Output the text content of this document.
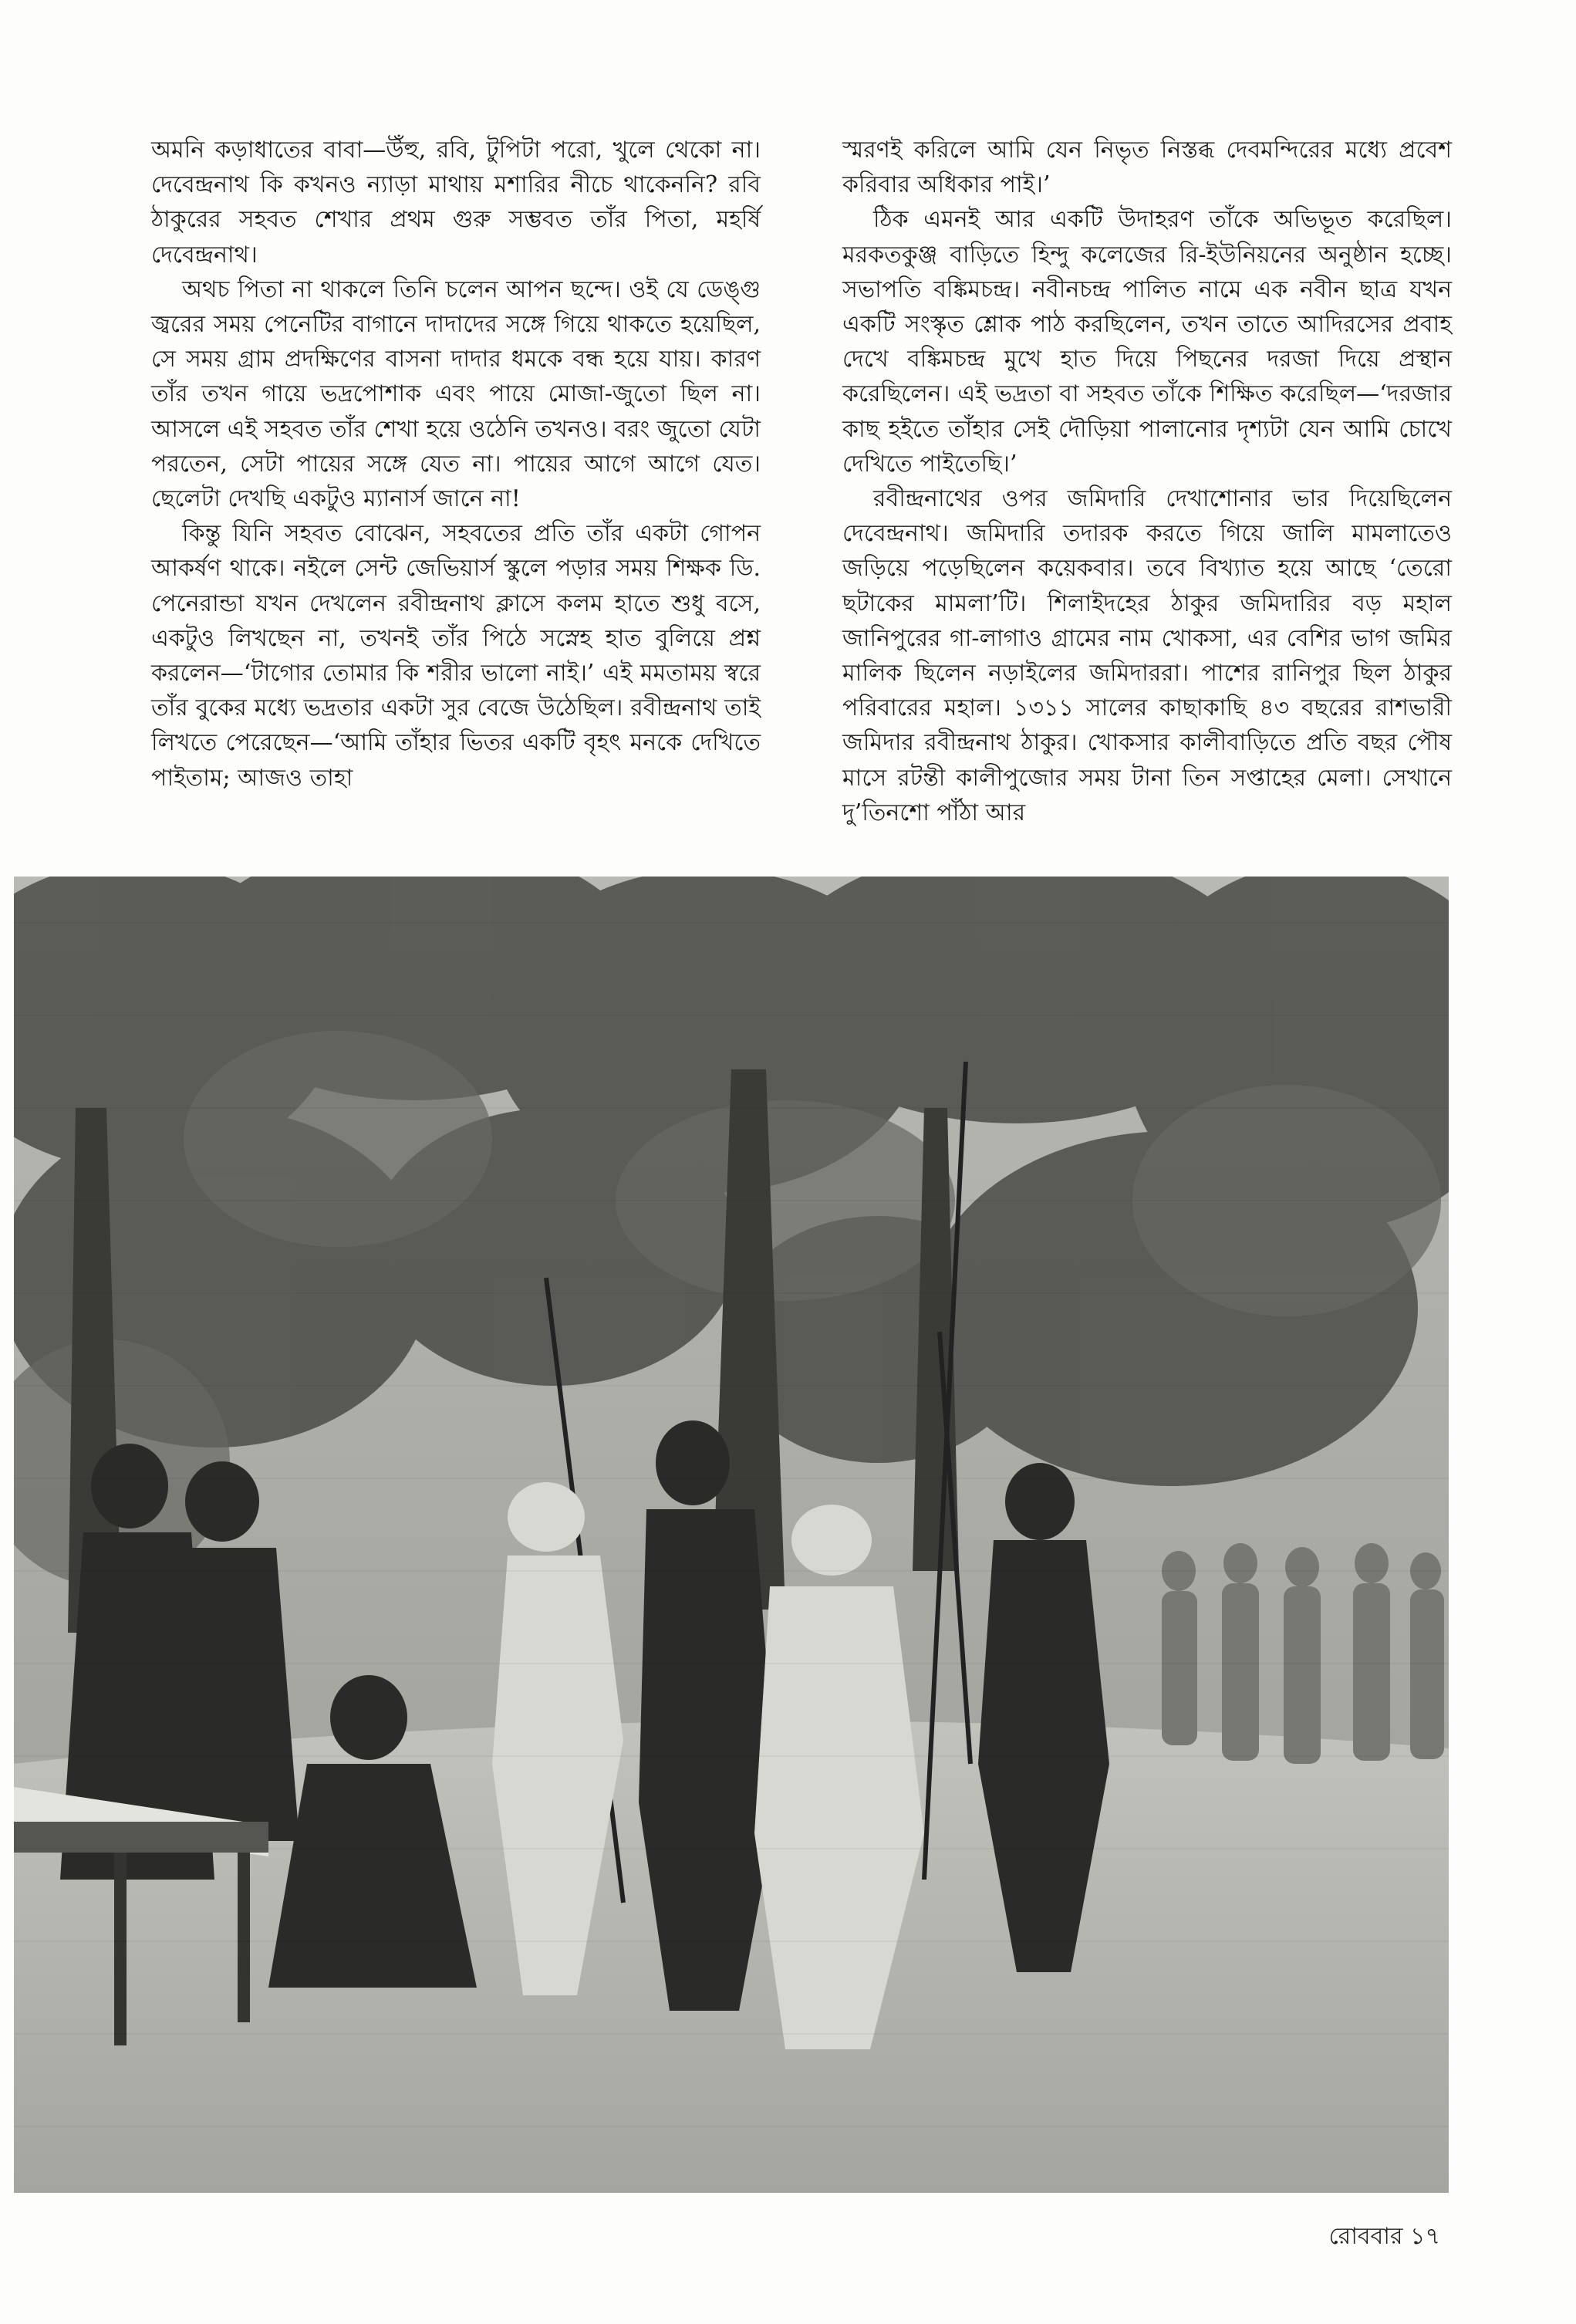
অমনি কড়াধাতের বাবা—উঁহু, রবি, টুপিটা পরো, খুলে থেকো না। দেবেন্দ্রনাথ কি কখনও ন্যাড়া মাথায় মশারির নীচে থাকেননি? রবি ঠাকুরের সহবত শেখার প্রথম গুরু সম্ভবত তাঁর পিতা, মহর্ষি দেবেন্দ্রনাথ।

অথচ পিতা না থাকলে তিনি চলেন আপন ছন্দে। ওই যে ডেঙ্গু জ্বরের সময় পেনেটির বাগানে দাদাদের সঙ্গে গিয়ে থাকতে হয়েছিল, সে সময় গ্রাম প্রদক্ষিণের বাসনা দাদার ধমকে বন্ধ হয়ে যায়। কারণ তাঁর তখন গায়ে ভদ্রপোশাক এবং পায়ে মোজা-জুতো ছিল না। আসলে এই সহবত তাঁর শেখা হয়ে ওঠেনি তখনও। বরং জুতো যেটা পরতেন, সেটা পায়ের সঙ্গে যেত না। পায়ের আগে আগে যেত। ছেলেটা দেখছি একটুও ম্যানার্স জানে না!

কিন্তু যিনি সহবত বোঝেন, সহবতের প্রতি তাঁর একটা গোপন আকর্ষণ থাকে। নইলে সেন্ট জেভিয়ার্স স্কুলে পড়ার সময় শিক্ষক ডি. পেনেরান্ডা যখন দেখলেন রবীন্দ্রনাথ ক্লাসে কলম হাতে শুধু বসে, একটুও লিখছেন না, তখনই তাঁর পিঠে সস্নেহ হাত বুলিয়ে প্রশ্ন করলেন—‘টাগোর তোমার কি শরীর ভালো নাই।’ এই মমতাময় স্বরে তাঁর বুকের মধ্যে ভদ্রতার একটা সুর বেজে উঠেছিল। রবীন্দ্রনাথ তাই লিখতে পেরেছেন—‘আমি তাঁহার ভিতর একটি বৃহৎ মনকে দেখিতে পাইতাম; আজও তাহা

স্মরণই করিলে আমি যেন নিভৃত নিস্তব্ধ দেবমন্দিরের মধ্যে প্রবেশ করিবার অধিকার পাই।’

ঠিক এমনই আর একটি উদাহরণ তাঁকে অভিভূত করেছিল। মরকতকুঞ্জ বাড়িতে হিন্দু কলেজের রি-ইউনিয়নের অনুষ্ঠান হচ্ছে। সভাপতি বঙ্কিমচন্দ্র। নবীনচন্দ্র পালিত নামে এক নবীন ছাত্র যখন একটি সংস্কৃত শ্লোক পাঠ করছিলেন, তখন তাতে আদিরসের প্রবাহ দেখে বঙ্কিমচন্দ্র মুখে হাত দিয়ে পিছনের দরজা দিয়ে প্রস্থান করেছিলেন। এই ভদ্রতা বা সহবত তাঁকে শিক্ষিত করেছিল—‘দরজার কাছ হইতে তাঁহার সেই দৌড়িয়া পালানোর দৃশ্যটা যেন আমি চোখে দেখিতে পাইতেছি।’

রবীন্দ্রনাথের ওপর জমিদারি দেখাশোনার ভার দিয়েছিলেন দেবেন্দ্রনাথ। জমিদারি তদারক করতে গিয়ে জালি মামলাতেও জড়িয়ে পড়েছিলেন কয়েকবার। তবে বিখ্যাত হয়ে আছে ‘তেরো ছটাকের মামলা’টি। শিলাইদহের ঠাকুর জমিদারির বড় মহাল জানিপুরের গা-লাগাও গ্রামের নাম খোকসা, এর বেশির ভাগ জমির মালিক ছিলেন নড়াইলের জমিদাররা। পাশের রানিপুর ছিল ঠাকুর পরিবারের মহাল। ১৩১১ সালের কাছাকাছি ৪৩ বছরের রাশভারী জমিদার রবীন্দ্রনাথ ঠাকুর। খোকসার কালীবাড়িতে প্রতি বছর পৌষ মাসে রটন্তী কালীপুজোর সময় টানা তিন সপ্তাহের মেলা। সেখানে দু’তিনশো পাঁঠা আর

রোববার ১৭
